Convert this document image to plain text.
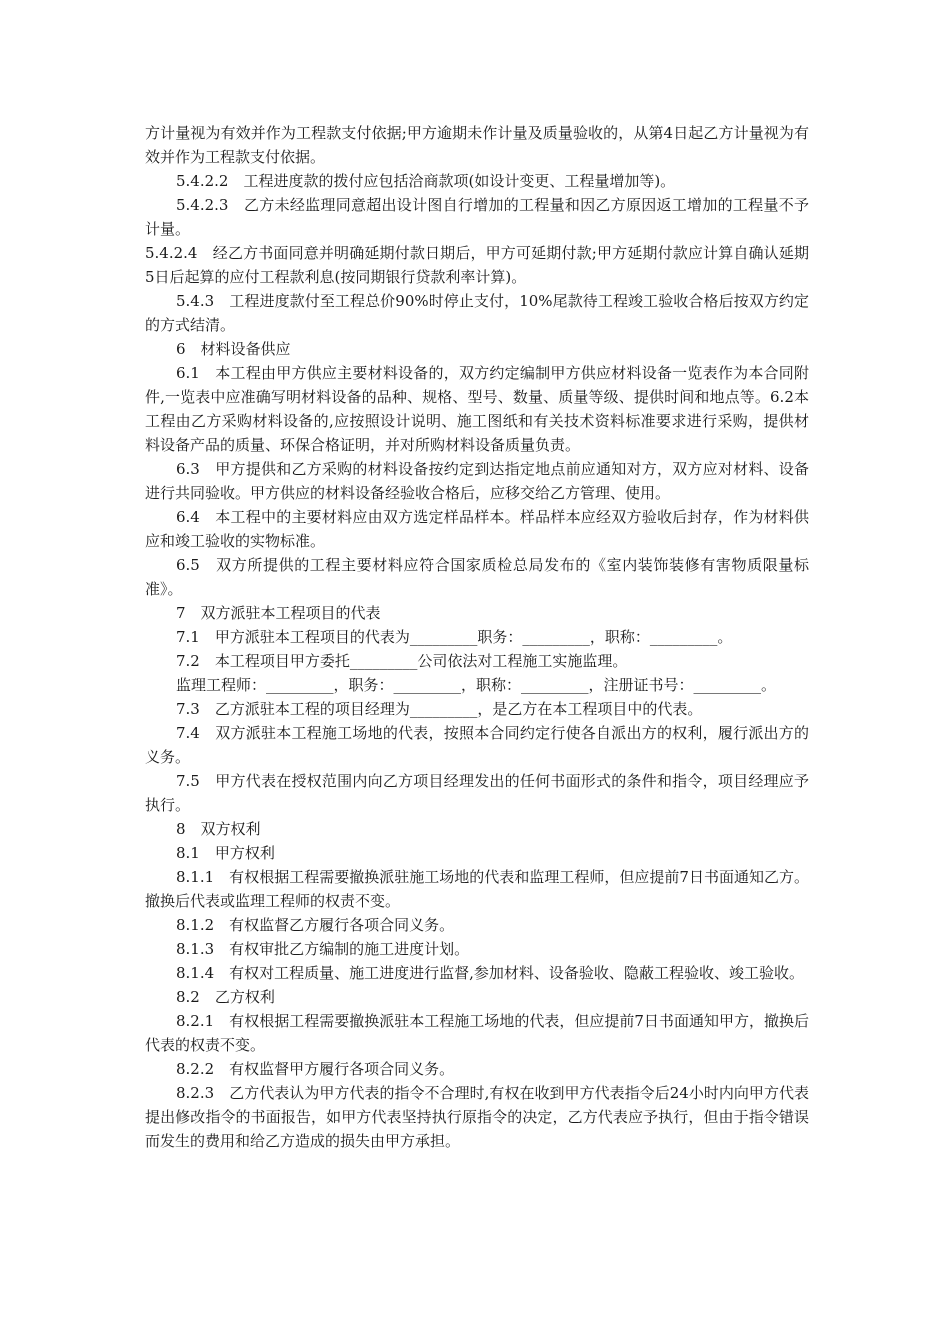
方计量视为有效并作为工程款支付依据;甲方逾期未作计量及质量验收的，从第4日起乙方计量视为有效并作为工程款支付依据。

5.4.2.2　工程进度款的拨付应包括洽商款项(如设计变更、工程量增加等)。

5.4.2.3　乙方未经监理同意超出设计图自行增加的工程量和因乙方原因返工增加的工程量不予计量。

5.4.2.4　经乙方书面同意并明确延期付款日期后，甲方可延期付款;甲方延期付款应计算自确认延期5日后起算的应付工程款利息(按同期银行贷款利率计算)。

5.4.3　工程进度款付至工程总价90%时停止支付，10%尾款待工程竣工验收合格后按双方约定的方式结清。

6　材料设备供应

6.1　本工程由甲方供应主要材料设备的，双方约定编制甲方供应材料设备一览表作为本合同附件,一览表中应准确写明材料设备的品种、规格、型号、数量、质量等级、提供时间和地点等。6.2本工程由乙方采购材料设备的,应按照设计说明、施工图纸和有关技术资料标准要求进行采购，提供材料设备产品的质量、环保合格证明，并对所购材料设备质量负责。

6.3　甲方提供和乙方采购的材料设备按约定到达指定地点前应通知对方，双方应对材料、设备进行共同验收。甲方供应的材料设备经验收合格后，应移交给乙方管理、使用。

6.4　本工程中的主要材料应由双方选定样品样本。样品样本应经双方验收后封存，作为材料供应和竣工验收的实物标准。

6.5　双方所提供的工程主要材料应符合国家质检总局发布的《室内装饰装修有害物质限量标准》。

7　双方派驻本工程项目的代表

7.1　甲方派驻本工程项目的代表为_________职务：_________，职称：_________。

7.2　本工程项目甲方委托_________公司依法对工程施工实施监理。

监理工程师：_________，职务：_________，职称：_________，注册证书号：_________。

7.3　乙方派驻本工程的项目经理为_________，是乙方在本工程项目中的代表。

7.4　双方派驻本工程施工场地的代表，按照本合同约定行使各自派出方的权利，履行派出方的义务。

7.5　甲方代表在授权范围内向乙方项目经理发出的任何书面形式的条件和指令，项目经理应予执行。

8　双方权利

8.1　甲方权利

8.1.1　有权根据工程需要撤换派驻施工场地的代表和监理工程师，但应提前7日书面通知乙方。撤换后代表或监理工程师的权责不变。

8.1.2　有权监督乙方履行各项合同义务。

8.1.3　有权审批乙方编制的施工进度计划。

8.1.4　有权对工程质量、施工进度进行监督,参加材料、设备验收、隐蔽工程验收、竣工验收。

8.2　乙方权利

8.2.1　有权根据工程需要撤换派驻本工程施工场地的代表，但应提前7日书面通知甲方，撤换后代表的权责不变。

8.2.2　有权监督甲方履行各项合同义务。

8.2.3　乙方代表认为甲方代表的指令不合理时,有权在收到甲方代表指令后24小时内向甲方代表提出修改指令的书面报告，如甲方代表坚持执行原指令的决定，乙方代表应予执行，但由于指令错误而发生的费用和给乙方造成的损失由甲方承担。
